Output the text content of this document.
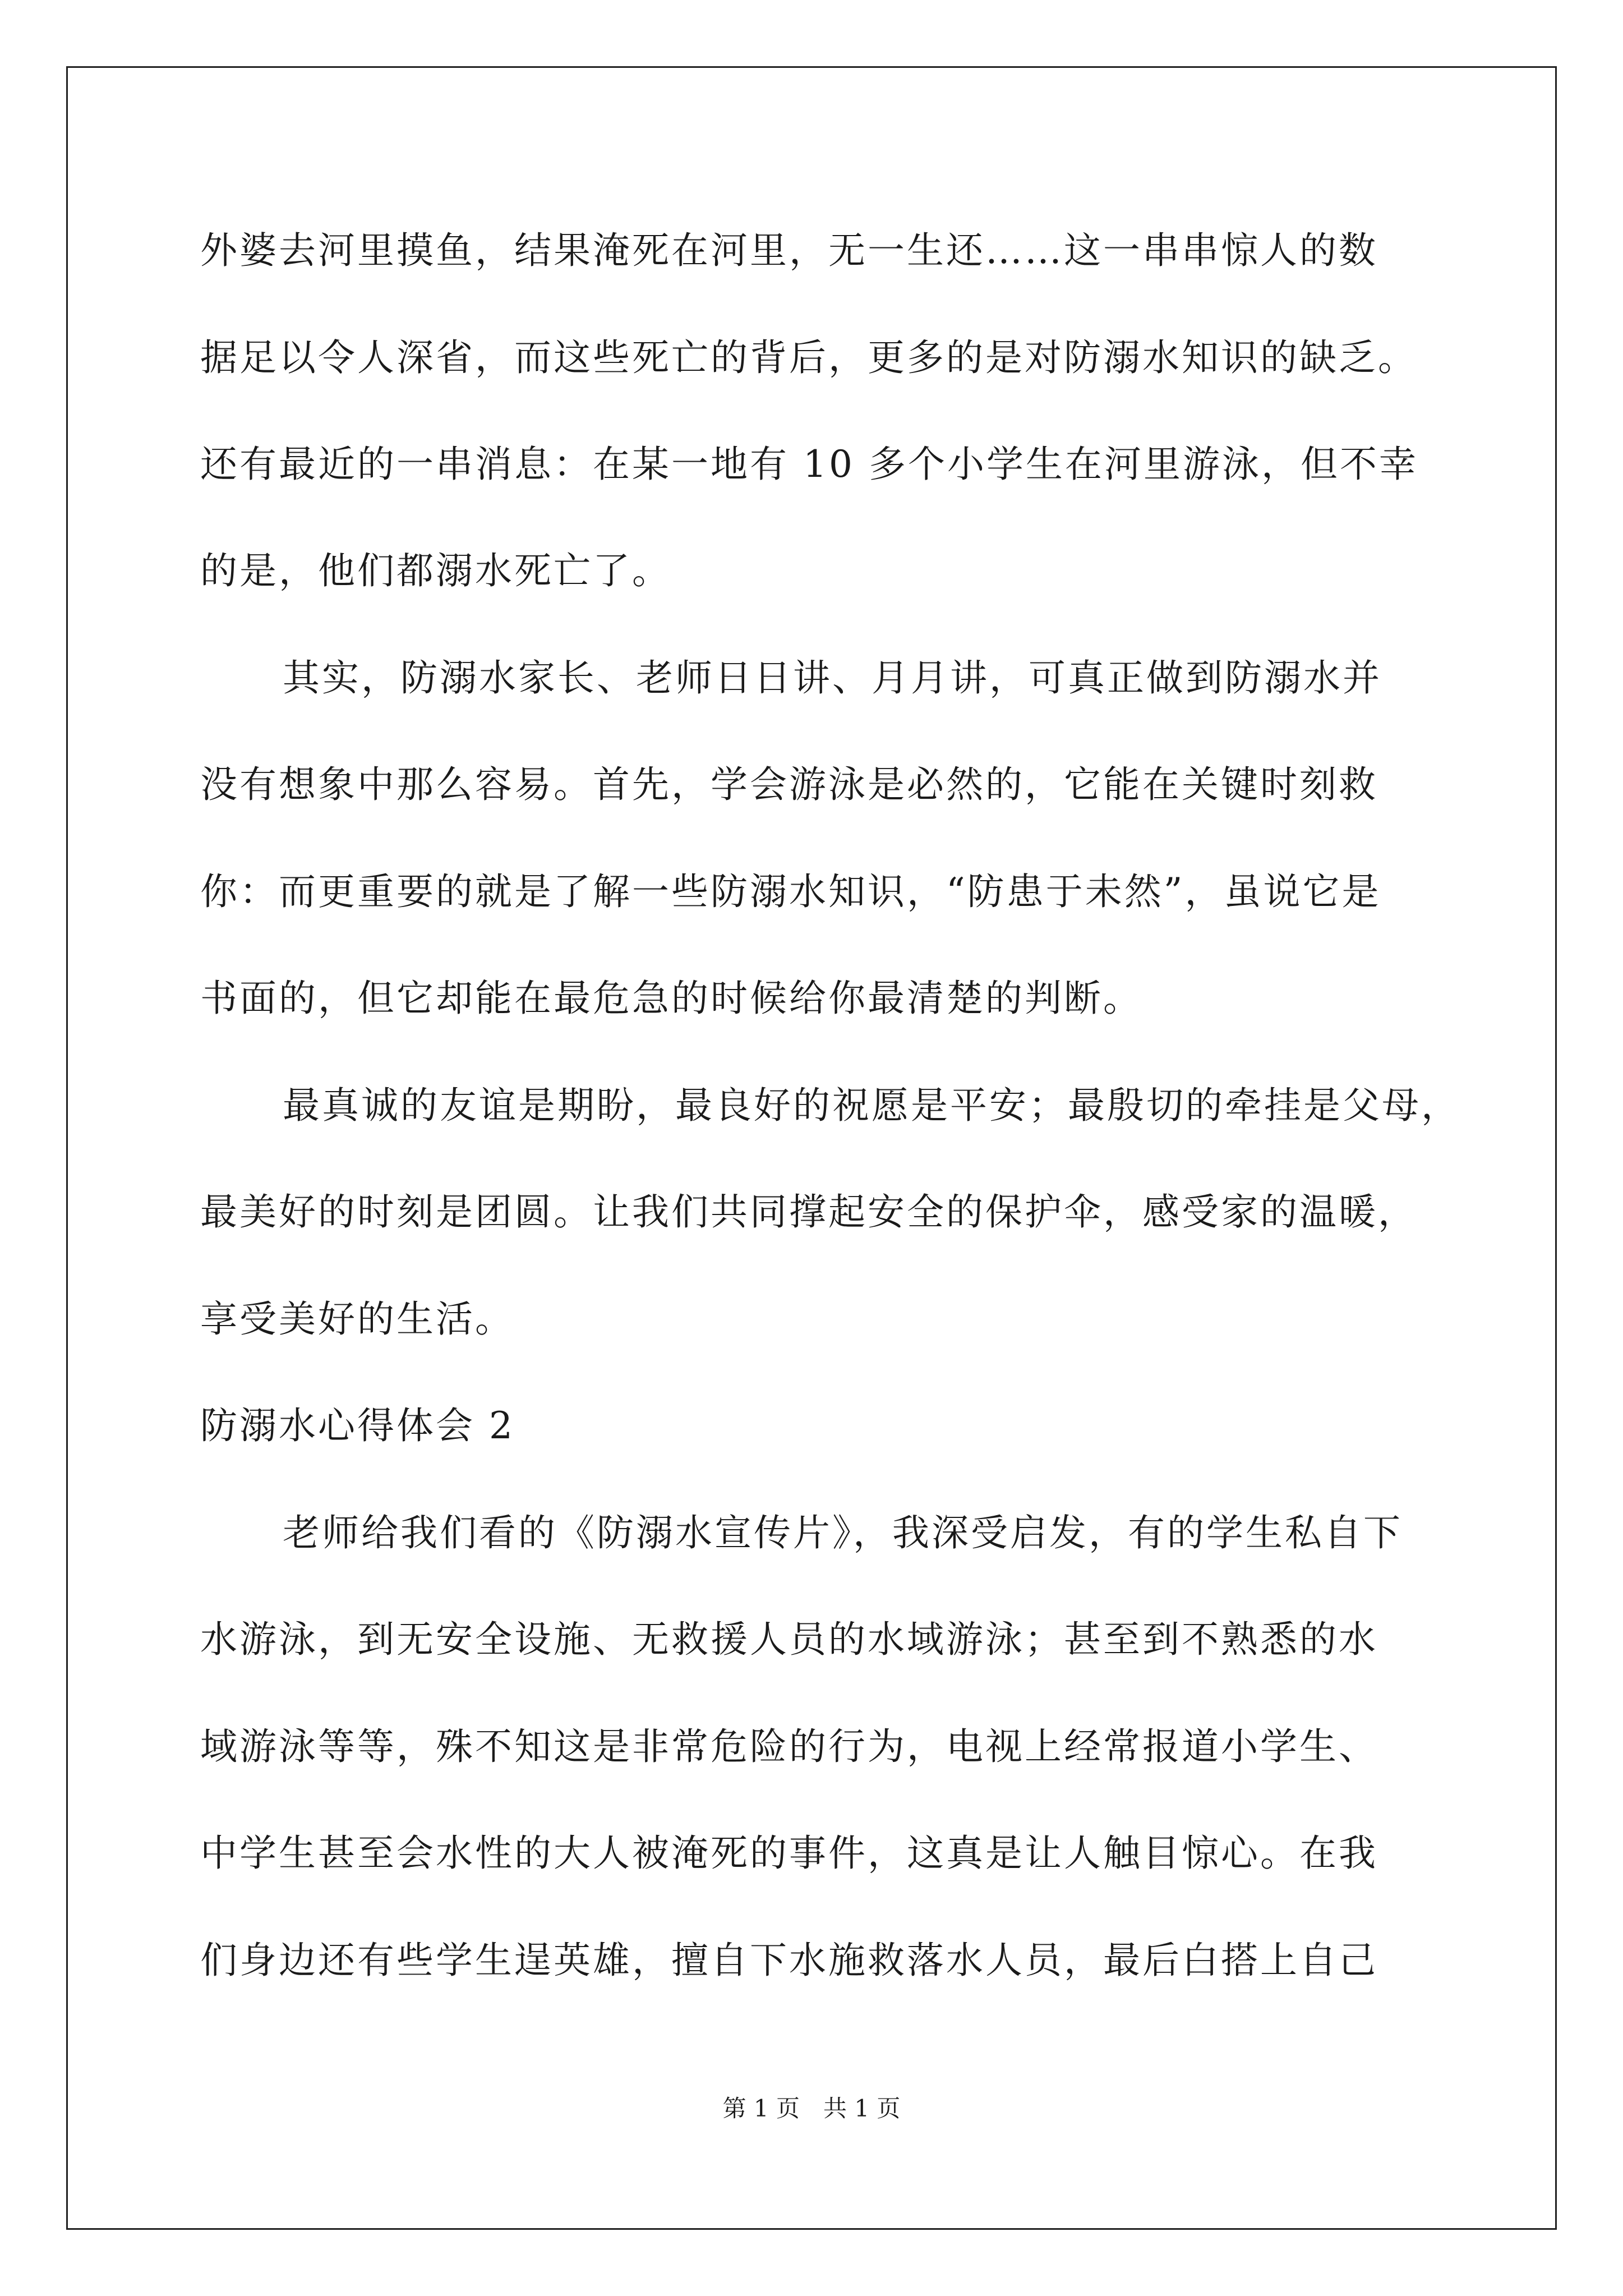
外婆去河里摸鱼，结果淹死在河里，无一生还……这一串串惊人的数
据足以令人深省，而这些死亡的背后，更多的是对防溺水知识的缺乏。
还有最近的一串消息：在某一地有 10 多个小学生在河里游泳，但不幸
的是，他们都溺水死亡了。
其实，防溺水家长、老师日日讲、月月讲，可真正做到防溺水并
没有想象中那么容易。首先，学会游泳是必然的，它能在关键时刻救
你：而更重要的就是了解一些防溺水知识，“防患于未然”，虽说它是
书面的，但它却能在最危急的时候给你最清楚的判断。
最真诚的友谊是期盼，最良好的祝愿是平安；最殷切的牵挂是父母，
最美好的时刻是团圆。让我们共同撑起安全的保护伞，感受家的温暖，
享受美好的生活。
防溺水心得体会 2
老师给我们看的《防溺水宣传片》，我深受启发，有的学生私自下
水游泳，到无安全设施、无救援人员的水域游泳；甚至到不熟悉的水
域游泳等等，殊不知这是非常危险的行为，电视上经常报道小学生、
中学生甚至会水性的大人被淹死的事件，这真是让人触目惊心。在我
们身边还有些学生逞英雄，擅自下水施救落水人员，最后白搭上自己
第 1 页　共 1 页
